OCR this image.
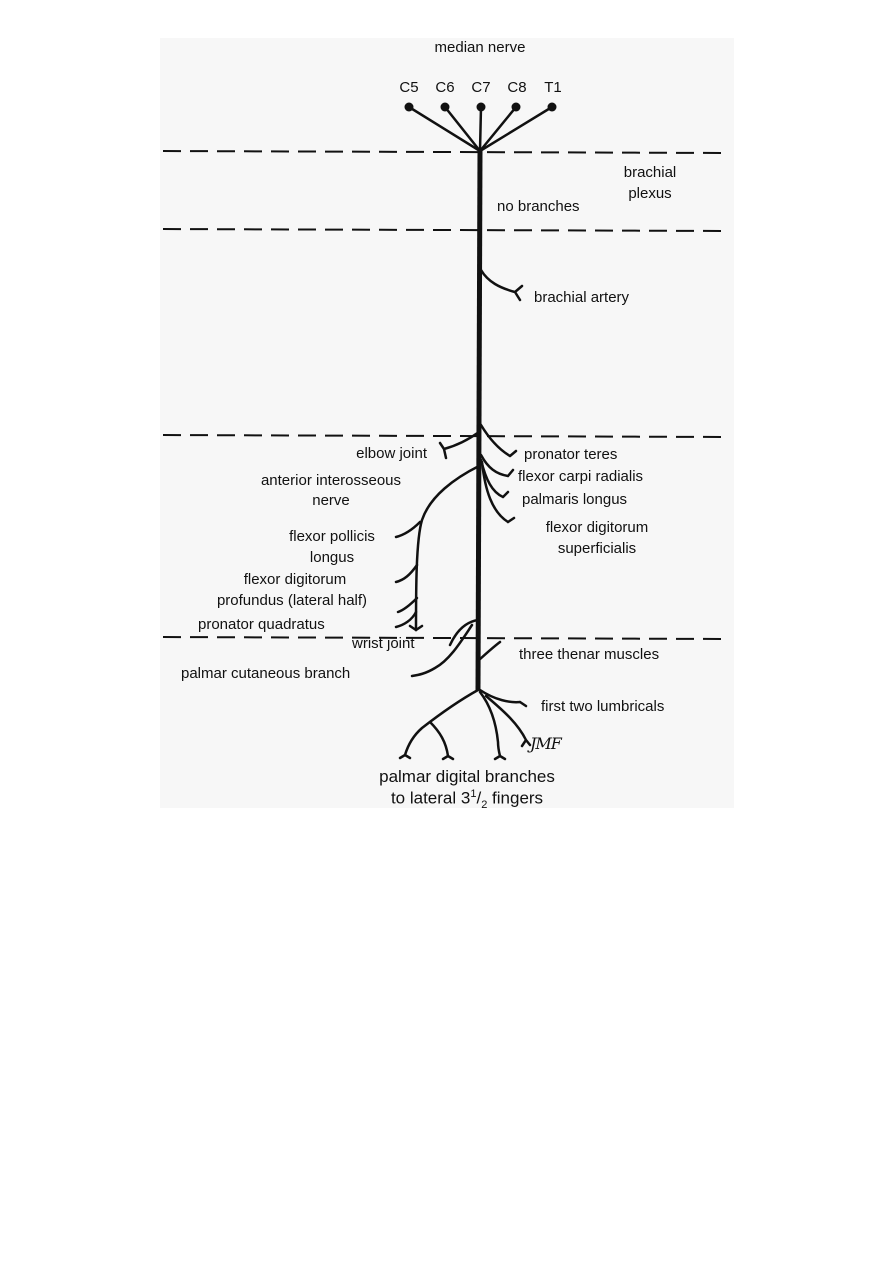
median nerve
C5	C6	C7	C8	T1
brachial
plexus
no branches
brachial artery
elbow joint	pronator teres
flexor carpi radialis
palmaris longus
flexor digitorum
superficialis
anterior interosseous
nerve
flexor pollicis
longus
flexor digitorum
profundus (lateral half)
pronator quadratus
wrist joint
palmar cutaneous branch
three thenar muscles
first two lumbricals
JMF
palmar digital branches
to lateral $3^1/_2$ fingers
